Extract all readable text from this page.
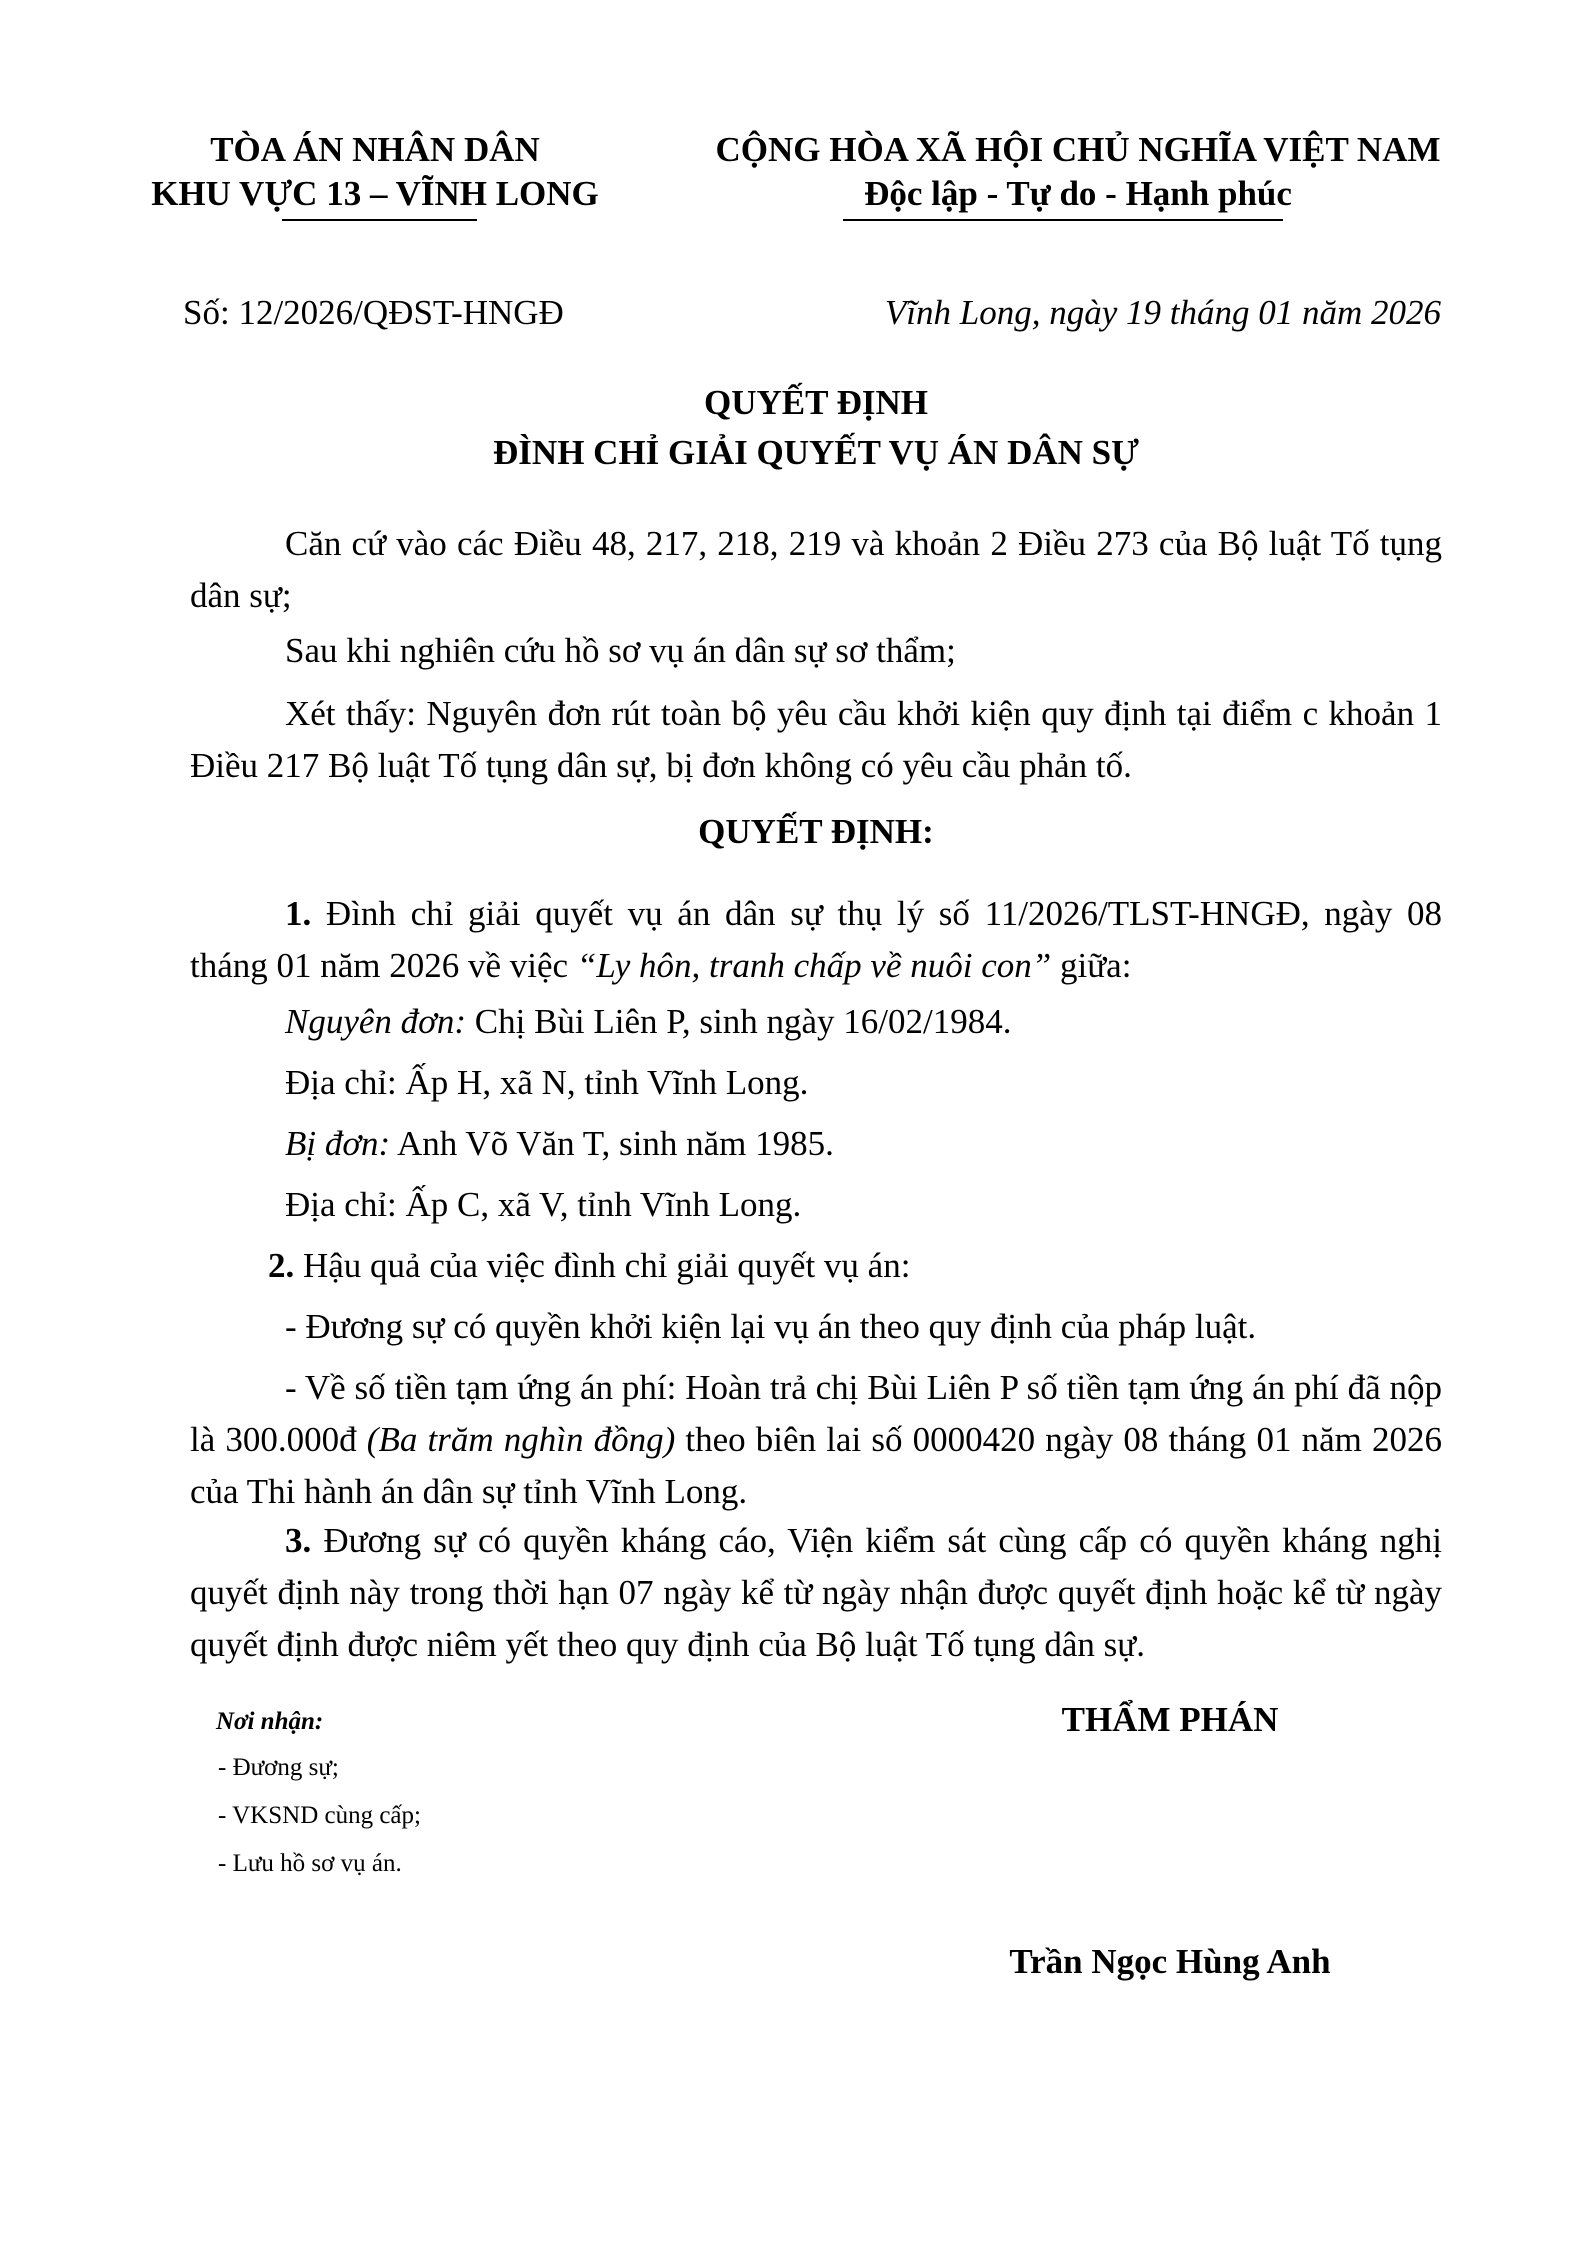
TÒA ÁN NHÂN DÂN
KHU VỰC 13 – VĨNH LONG
CỘNG HÒA XÃ HỘI CHỦ NGHĨA VIỆT NAM
Độc lập - Tự do - Hạnh phúc
Số: 12/2026/QĐST-HNGĐ	Vĩnh Long, ngày 19 tháng 01 năm 2026
QUYẾT ĐỊNH
ĐÌNH CHỈ GIẢI QUYẾT VỤ ÁN DÂN SỰ
Căn cứ vào các Điều 48, 217, 218, 219 và khoản 2 Điều 273 của Bộ luật Tố tụng dân sự;
Sau khi nghiên cứu hồ sơ vụ án dân sự sơ thẩm;
Xét thấy: Nguyên đơn rút toàn bộ yêu cầu khởi kiện quy định tại điểm c khoản 1 Điều 217 Bộ luật Tố tụng dân sự, bị đơn không có yêu cầu phản tố.
QUYẾT ĐỊNH:
1. Đình chỉ giải quyết vụ án dân sự thụ lý số 11/2026/TLST-HNGĐ, ngày 08 tháng 01 năm 2026 về việc “Ly hôn, tranh chấp về nuôi con” giữa:
Nguyên đơn: Chị Bùi Liên P, sinh ngày 16/02/1984.
Địa chỉ: Ấp H, xã N, tỉnh Vĩnh Long.
Bị đơn: Anh Võ Văn T, sinh năm 1985.
Địa chỉ: Ấp C, xã V, tỉnh Vĩnh Long.
2. Hậu quả của việc đình chỉ giải quyết vụ án:
- Đương sự có quyền khởi kiện lại vụ án theo quy định của pháp luật.
- Về số tiền tạm ứng án phí: Hoàn trả chị Bùi Liên P số tiền tạm ứng án phí đã nộp là 300.000đ (Ba trăm nghìn đồng) theo biên lai số 0000420 ngày 08 tháng 01 năm 2026 của Thi hành án dân sự tỉnh Vĩnh Long.
3. Đương sự có quyền kháng cáo, Viện kiểm sát cùng cấp có quyền kháng nghị quyết định này trong thời hạn 07 ngày kể từ ngày nhận được quyết định hoặc kể từ ngày quyết định được niêm yết theo quy định của Bộ luật Tố tụng dân sự.
Nơi nhận:
- Đương sự;
- VKSND cùng cấp;
- Lưu hồ sơ vụ án.
THẨM PHÁN
Trần Ngọc Hùng Anh
